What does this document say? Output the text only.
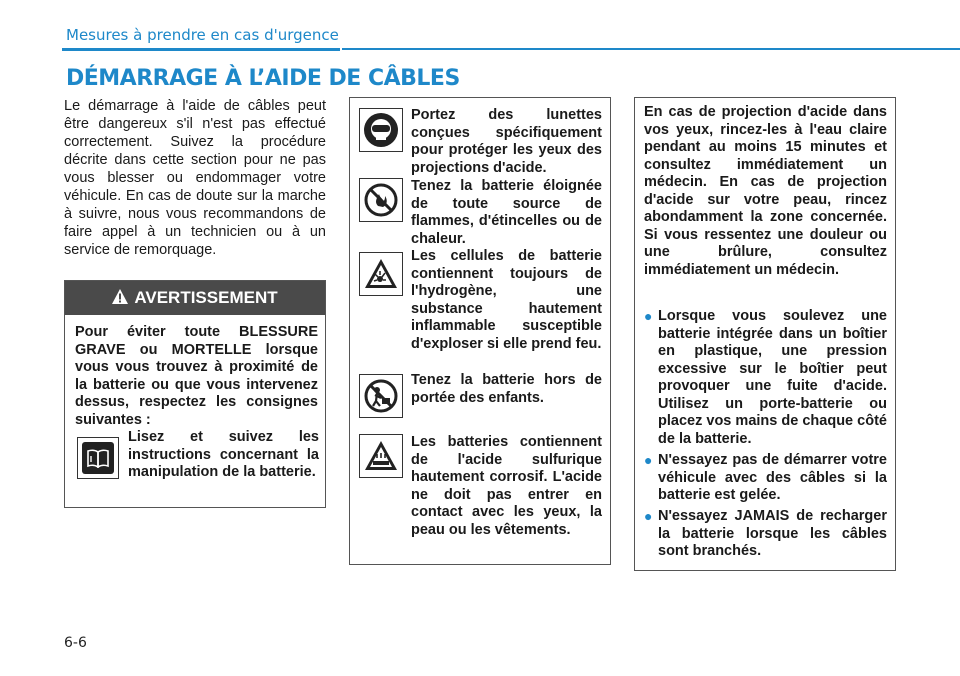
Mesures à prendre en cas d'urgence
DÉMARRAGE À L’AIDE DE CÂBLES
Le démarrage à l'aide de câbles peut être dangereux s'il n'est pas effectué correctement. Suivez la procédure décrite dans cette section pour ne pas vous blesser ou endommager votre véhicule. En cas de doute sur la marche à suivre, nous vous recommandons de faire appel à un technicien ou à un service de remorquage.
AVERTISSEMENT
Pour éviter toute BLESSURE GRAVE ou MORTELLE lorsque vous vous trouvez à proximité de la batterie ou que vous intervenez dessus, respectez les consignes suivantes :
Lisez et suivez les instructions concernant la manipulation de la batterie.
Portez des lunettes conçues spécifiquement pour protéger les yeux des projections d'acide.
Tenez la batterie éloignée de toute source de flammes, d'étincelles ou de chaleur.
Les cellules de batterie contiennent toujours de l'hydrogène, une substance hautement inflammable susceptible d'exploser si elle prend feu.
Tenez la batterie hors de portée des enfants.
Les batteries contiennent de l'acide sulfurique hautement corrosif. L'acide ne doit pas entrer en contact avec les yeux, la peau ou les vêtements.
En cas de projection d'acide dans vos yeux, rincez-les à l'eau claire pendant au moins 15 minutes et consultez immédiatement un médecin. En cas de projection d'acide sur votre peau, rincez abondamment la zone concernée. Si vous ressentez une douleur ou une brûlure, consultez immédiatement un médecin.
● Lorsque vous soulevez une batterie intégrée dans un boîtier en plastique, une pression excessive sur le boîtier peut provoquer une fuite d'acide. Utilisez un porte-batterie ou placez vos mains de chaque côté de la batterie.
● N'essayez pas de démarrer votre véhicule avec des câbles si la batterie est gelée.
● N'essayez JAMAIS de recharger la batterie lorsque les câbles sont branchés.
6-6
